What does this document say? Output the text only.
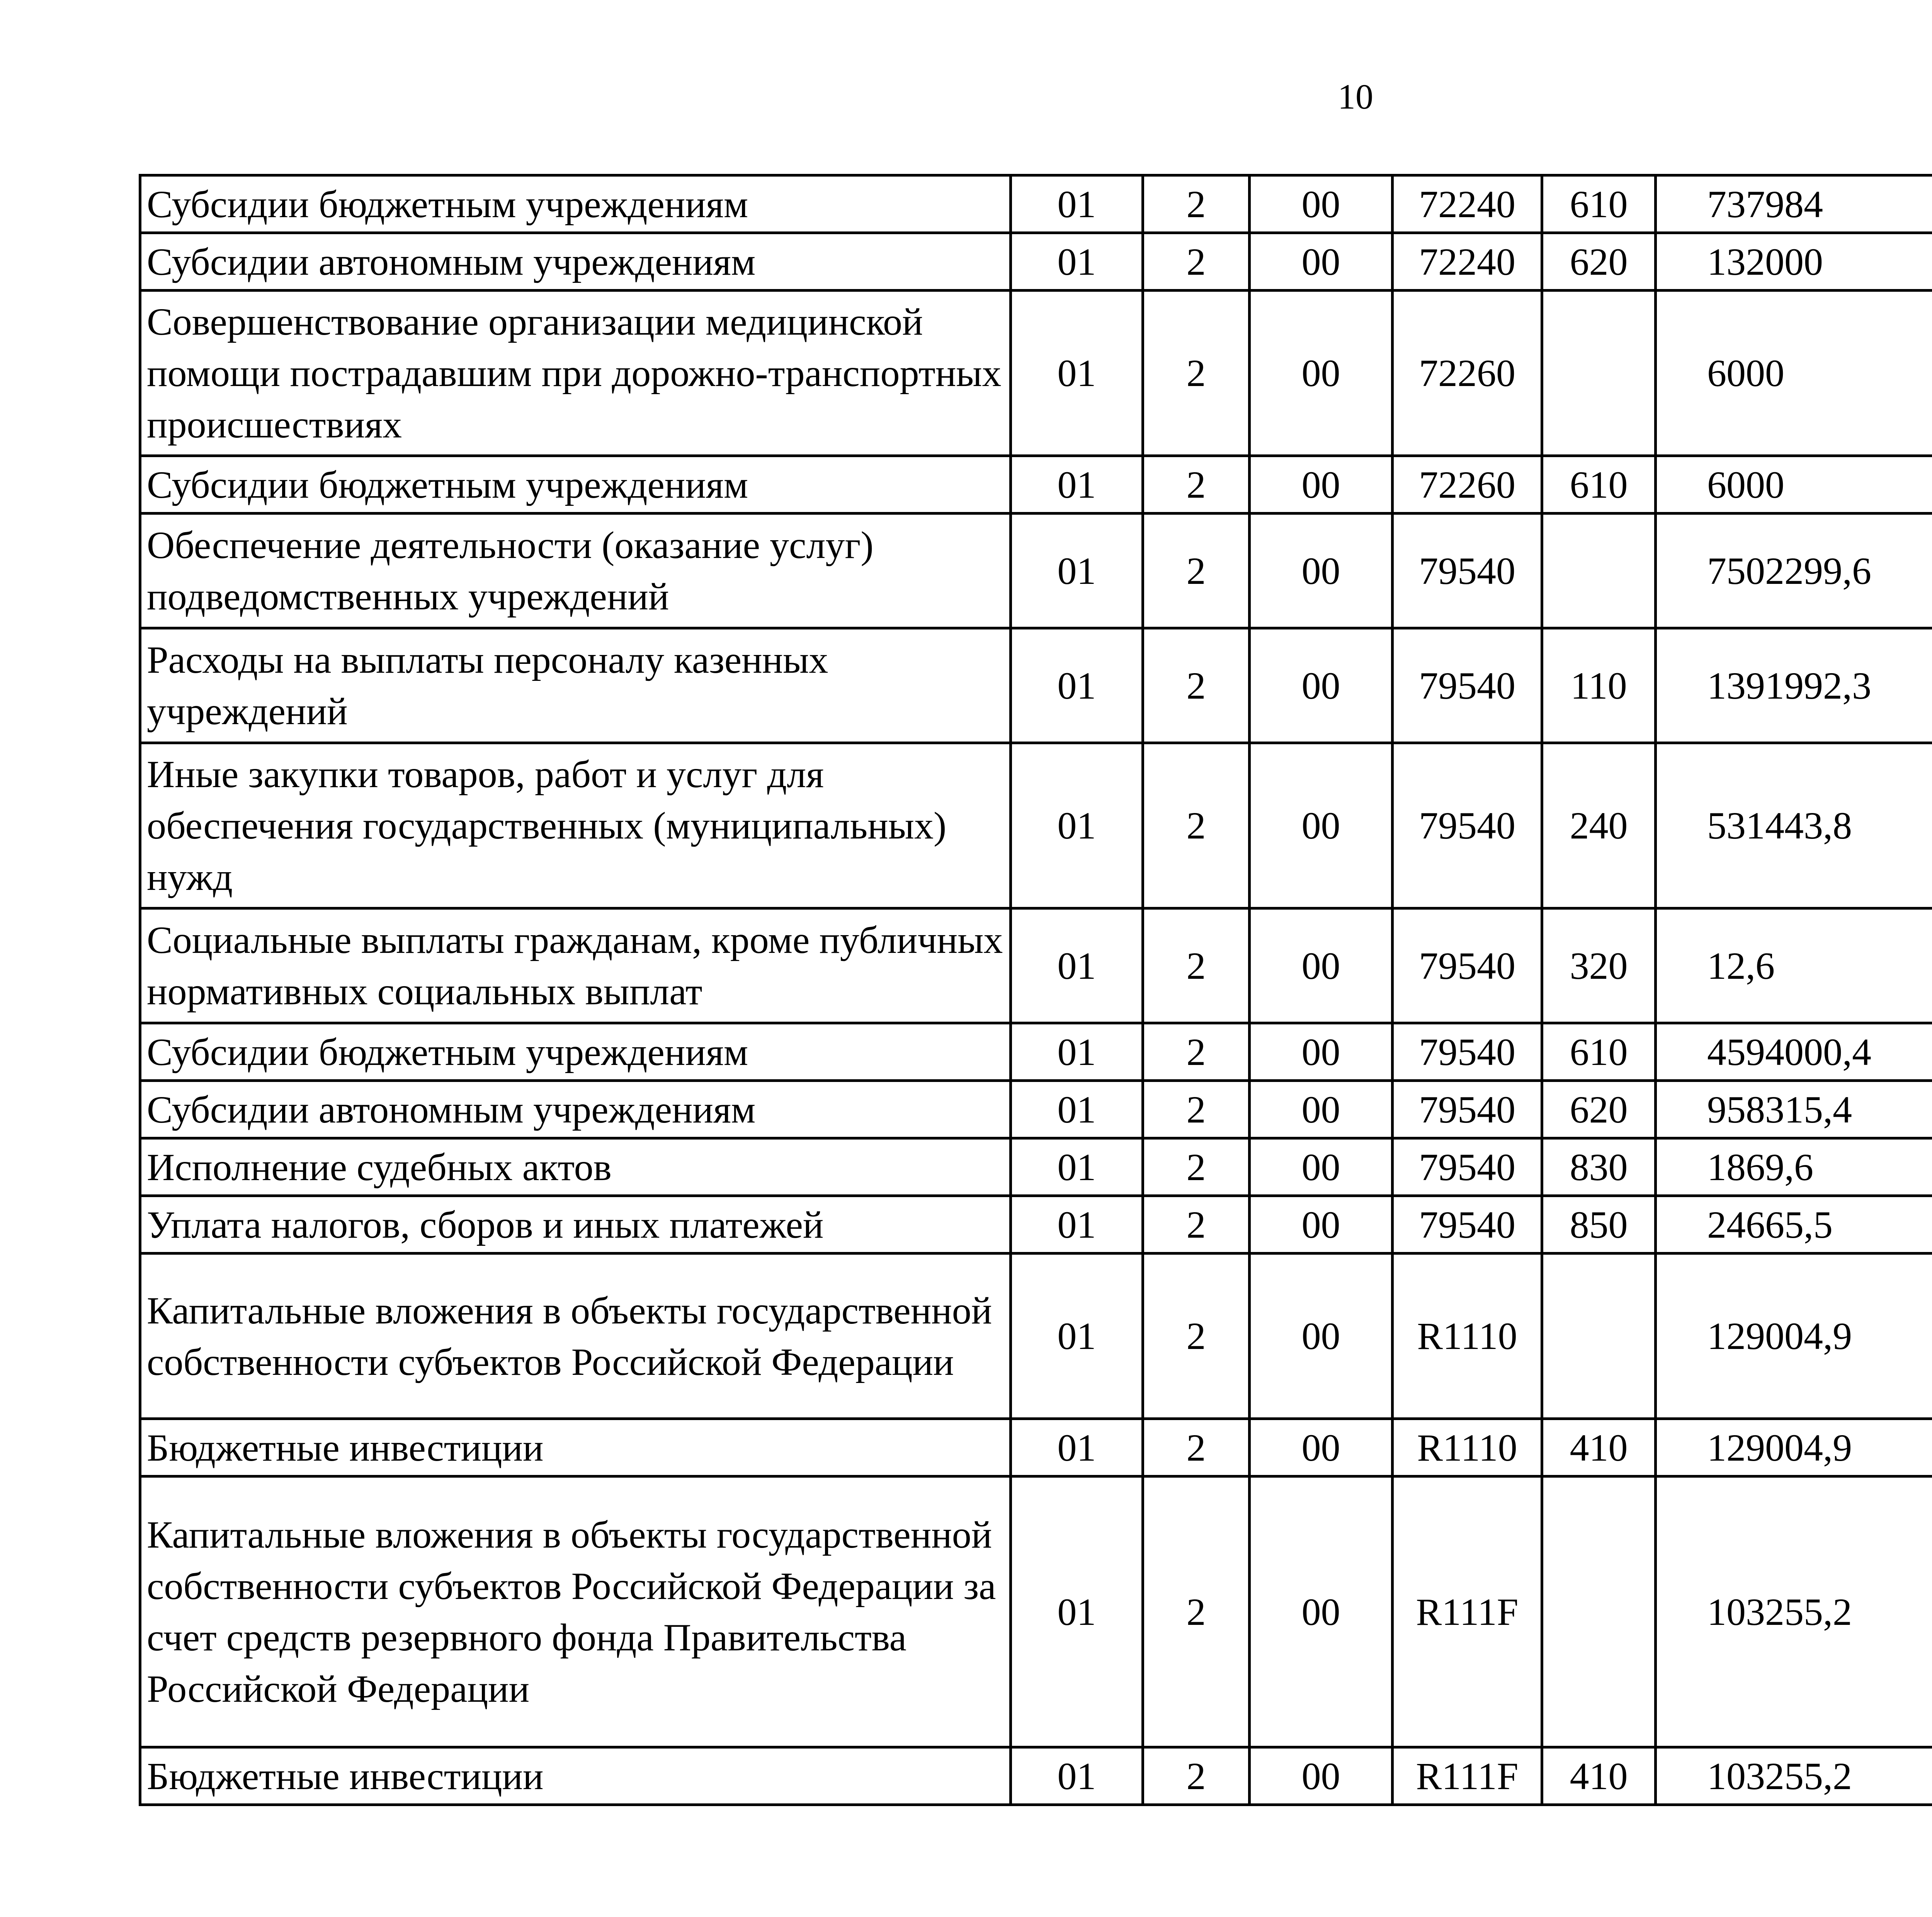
10
Субсидии бюджетным учреждениям	01	2	00	72240	610	737984		
Субсидии автономным учреждениям	01	2	00	72240	620	132000		
Совершенствование организации медицинской помощи пострадавшим при дорожно-транспортных происшествиях	01	2	00	72260		6000		
Субсидии бюджетным учреждениям	01	2	00	72260	610	6000		
Обеспечение деятельности (оказание услуг) подведомственных учреждений	01	2	00	79540		7502299,6		
Расходы на выплаты персоналу казенных учреждений	01	2	00	79540	110	1391992,3		
Иные закупки товаров, работ и услуг для обеспечения государственных (муниципальных) нужд	01	2	00	79540	240	531443,8		
Социальные выплаты гражданам, кроме публичных нормативных социальных выплат	01	2	00	79540	320	12,6		
Субсидии бюджетным учреждениям	01	2	00	79540	610	4594000,4		
Субсидии автономным учреждениям	01	2	00	79540	620	958315,4		
Исполнение судебных актов	01	2	00	79540	830	1869,6		
Уплата налогов, сборов и иных платежей	01	2	00	79540	850	24665,5		
Капитальные вложения в объекты государственной собственности субъектов Российской Федерации	01	2	00	R1110		129004,9		
Бюджетные инвестиции	01	2	00	R1110	410	129004,9		
Капитальные вложения в объекты государственной собственности субъектов Российской Федерации за счет средств резервного фонда Правительства Российской Федерации	01	2	00	R111F		103255,2		
Бюджетные инвестиции	01	2	00	R111F	410	103255,2		
